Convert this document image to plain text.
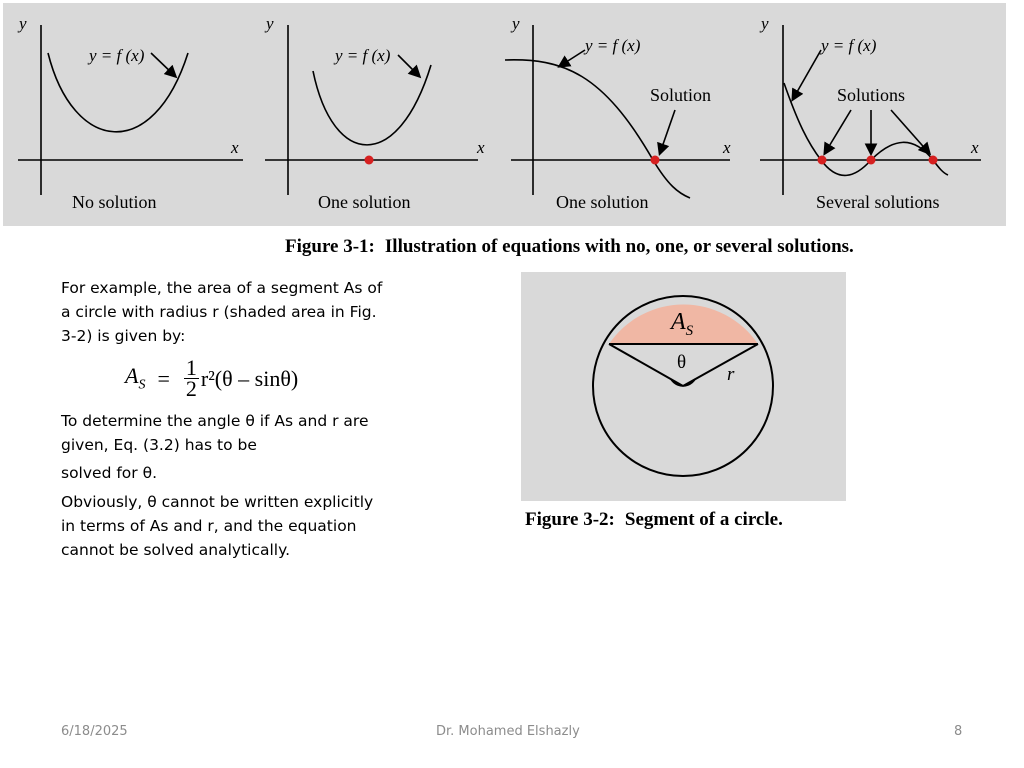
y
x
y
x
y
x
y
x
y = f (x)	y = f (x)
y = f (x)	y = f (x)
Solution	Solutions
No solution	One solution	One solution	Several solutions
Figure 3-1: Illustration of equations with no, one, or several solutions.

For example, the area of a segment As of a circle with radius r (shaded area in Fig. 3-2) is given by:

$A_S = \frac{1}{2} r^2(\theta - \sin\theta)$

To determine the angle θ if As and r are given, Eq. (3.2) has to be

solved for θ.

Obviously, θ cannot be written explicitly in terms of As and r, and the equation cannot be solved analytically.

$A_S$
θ
r
Figure 3-2: Segment of a circle.
6/18/2025	Dr. Mohamed Elshazly	8
